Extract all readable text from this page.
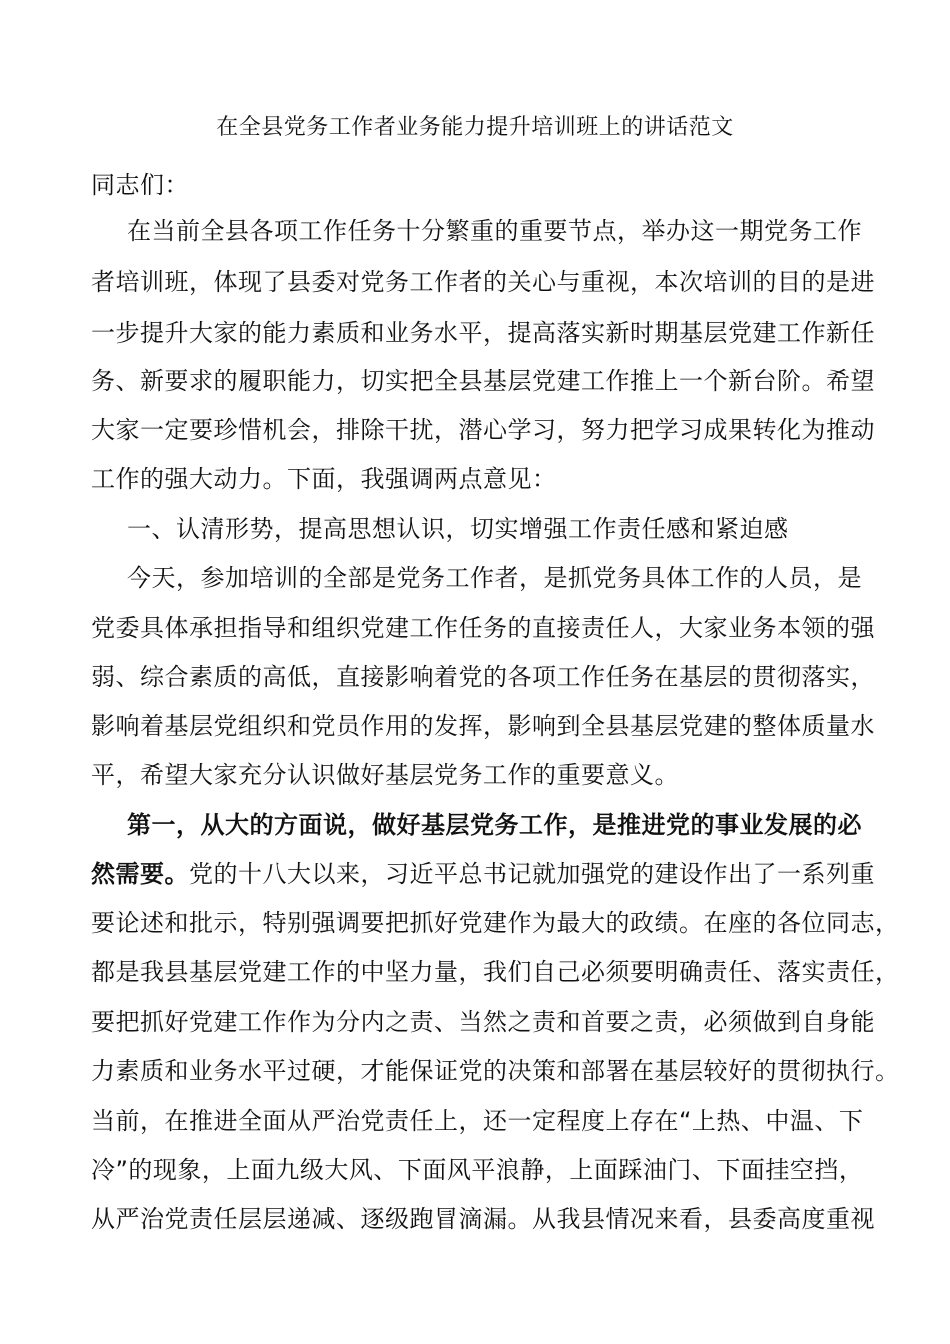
在全县党务工作者业务能力提升培训班上的讲话范文
同志们：
在当前全县各项工作任务十分繁重的重要节点，举办这一期党务工作
者培训班，体现了县委对党务工作者的关心与重视，本次培训的目的是进
一步提升大家的能力素质和业务水平，提高落实新时期基层党建工作新任
务、新要求的履职能力，切实把全县基层党建工作推上一个新台阶。希望
大家一定要珍惜机会，排除干扰，潜心学习，努力把学习成果转化为推动
工作的强大动力。下面，我强调两点意见：
一、认清形势，提高思想认识，切实增强工作责任感和紧迫感
今天，参加培训的全部是党务工作者，是抓党务具体工作的人员，是
党委具体承担指导和组织党建工作任务的直接责任人，大家业务本领的强
弱、综合素质的高低，直接影响着党的各项工作任务在基层的贯彻落实，
影响着基层党组织和党员作用的发挥，影响到全县基层党建的整体质量水
平，希望大家充分认识做好基层党务工作的重要意义。
第一，从大的方面说，做好基层党务工作，是推进党的事业发展的必
然需要。党的十八大以来，习近平总书记就加强党的建设作出了一系列重
要论述和批示，特别强调要把抓好党建作为最大的政绩。在座的各位同志，
都是我县基层党建工作的中坚力量，我们自己必须要明确责任、落实责任，
要把抓好党建工作作为分内之责、当然之责和首要之责，必须做到自身能
力素质和业务水平过硬，才能保证党的决策和部署在基层较好的贯彻执行。
当前，在推进全面从严治党责任上，还一定程度上存在“上热、中温、下
冷”的现象，上面九级大风、下面风平浪静，上面踩油门、下面挂空挡，
从严治党责任层层递减、逐级跑冒滴漏。从我县情况来看，县委高度重视
